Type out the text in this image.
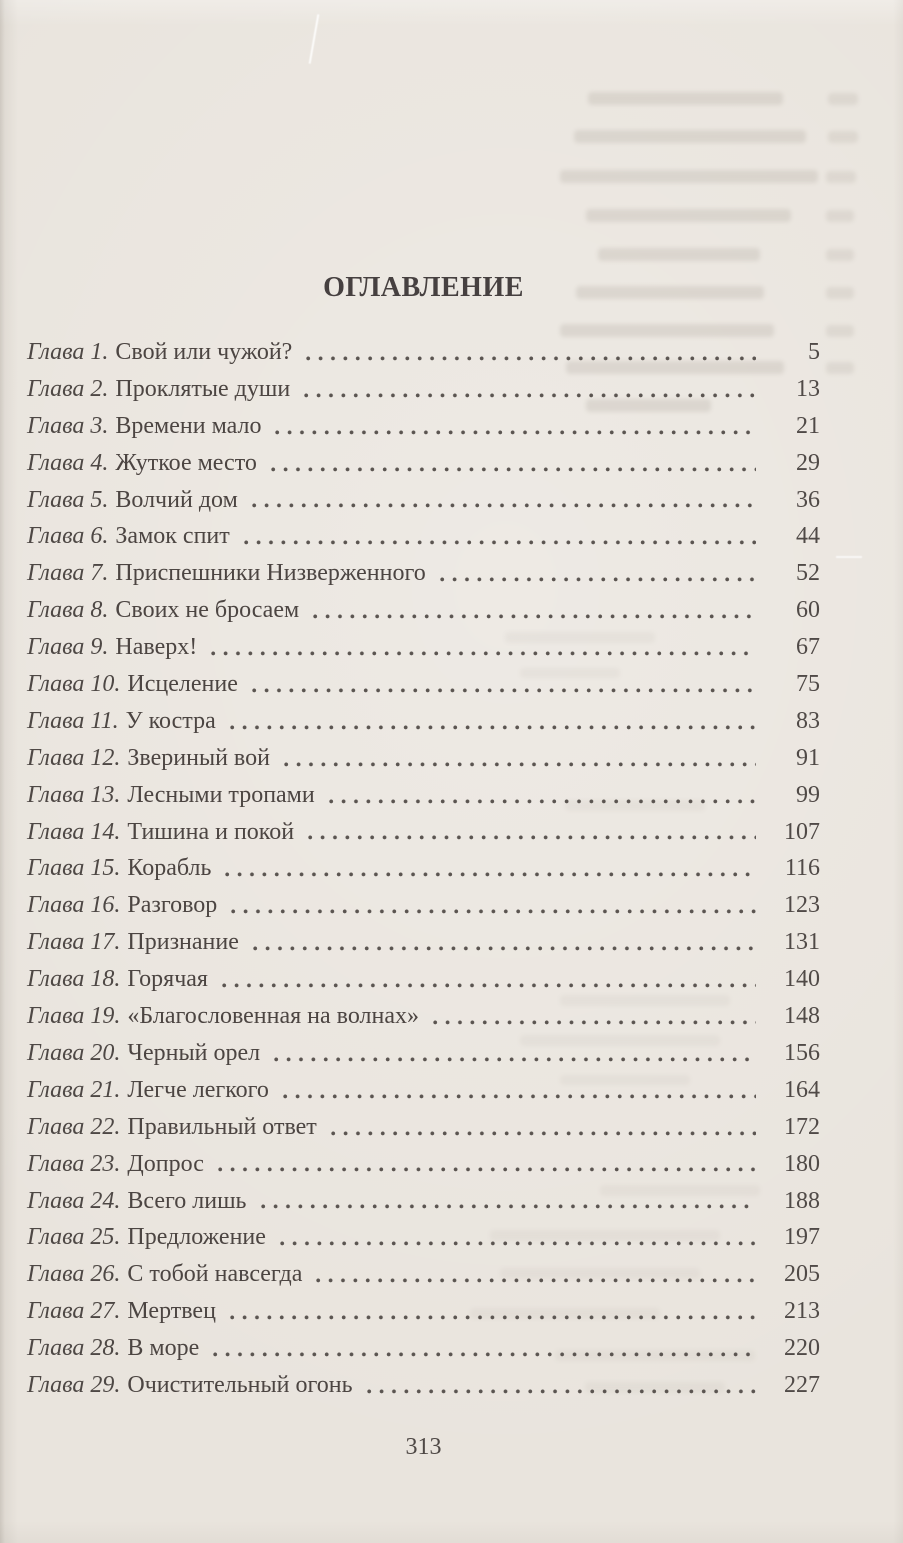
ОГЛАВЛЕНИЕ
Глава 1. Свой или чужой?	5
Глава 2. Проклятые души	13
Глава 3. Времени мало	21
Глава 4. Жуткое место	29
Глава 5. Волчий дом	36
Глава 6. Замок спит	44
Глава 7. Приспешники Низверженного	52
Глава 8. Своих не бросаем	60
Глава 9. Наверх!	67
Глава 10. Исцеление	75
Глава 11. У костра	83
Глава 12. Звериный вой	91
Глава 13. Лесными тропами	99
Глава 14. Тишина и покой	107
Глава 15. Корабль	116
Глава 16. Разговор	123
Глава 17. Признание	131
Глава 18. Горячая	140
Глава 19. «Благословенная на волнах»	148
Глава 20. Черный орел	156
Глава 21. Легче легкого	164
Глава 22. Правильный ответ	172
Глава 23. Допрос	180
Глава 24. Всего лишь	188
Глава 25. Предложение	197
Глава 26. С тобой навсегда	205
Глава 27. Мертвец	213
Глава 28. В море	220
Глава 29. Очистительный огонь	227
313
